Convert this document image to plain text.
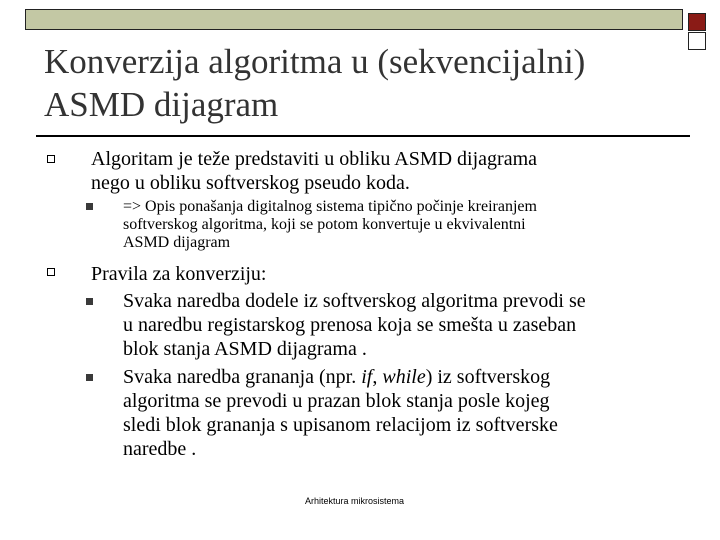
Konverzija algoritma u (sekvencijalni)
ASMD dijagram
Algoritam je teže predstaviti u obliku ASMD dijagrama
nego u obliku softverskog pseudo koda.
=> Opis ponašanja digitalnog sistema tipično počinje kreiranjem
softverskog algoritma, koji se potom konvertuje u ekvivalentni
ASMD dijagram
Pravila za konverziju:
Svaka naredba dodele iz softverskog algoritma prevodi se
u naredbu registarskog prenosa koja se smešta u zaseban
blok stanja ASMD dijagrama .
Svaka naredba grananja (npr. if, while) iz softverskog
algoritma se prevodi u prazan blok stanja posle kojeg
sledi blok grananja s upisanom relacijom iz softverske
naredbe .
Arhitektura mikrosistema
